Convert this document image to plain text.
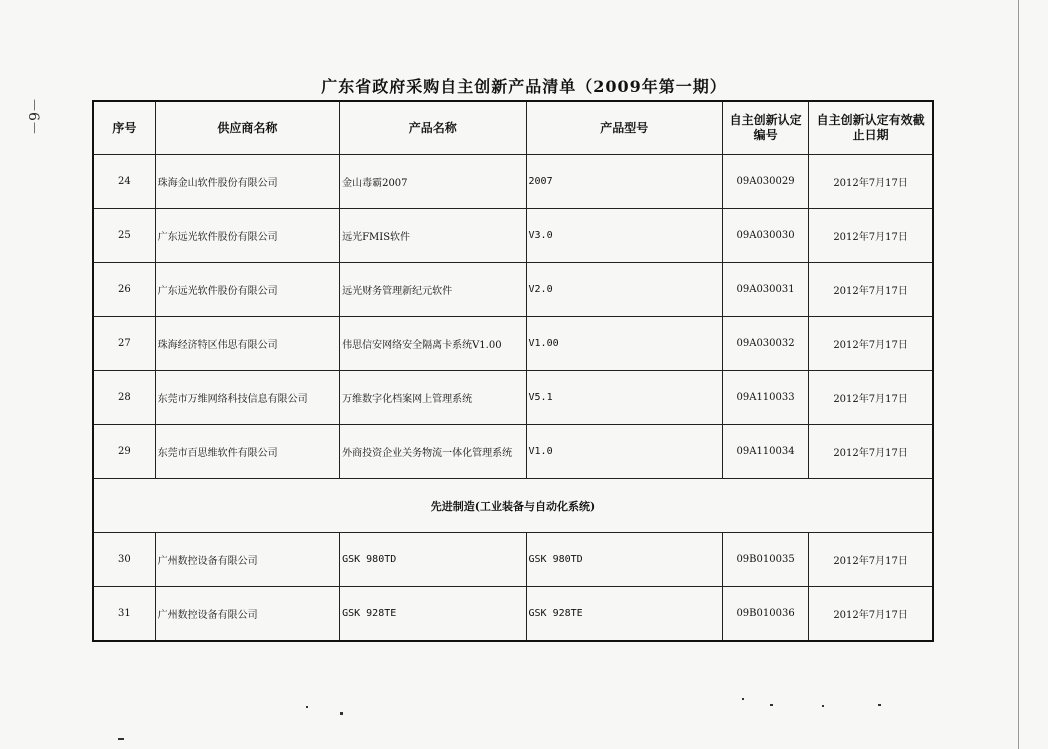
－6－
广东省政府采购自主创新产品清单（2009年第一期）
序号	供应商名称	产品名称	产品型号	自主创新认定编号	自主创新认定有效截止日期
24	珠海金山软件股份有限公司	金山毒霸2007	2007	09A030029	2012年7月17日
25	广东远光软件股份有限公司	远光FMIS软件	V3.0	09A030030	2012年7月17日
26	广东远光软件股份有限公司	远光财务管理新纪元软件	V2.0	09A030031	2012年7月17日
27	珠海经济特区伟思有限公司	伟思信安网络安全隔离卡系统V1.00	V1.00	09A030032	2012年7月17日
28	东莞市万维网络科技信息有限公司	万维数字化档案网上管理系统	V5.1	09A110033	2012年7月17日
29	东莞市百思维软件有限公司	外商投资企业关务物流一体化管理系统	V1.0	09A110034	2012年7月17日
先进制造(工业装备与自动化系统)					
30	广州数控设备有限公司	GSK 980TD	GSK 980TD	09B010035	2012年7月17日
31	广州数控设备有限公司	GSK 928TE	GSK 928TE	09B010036	2012年7月17日
